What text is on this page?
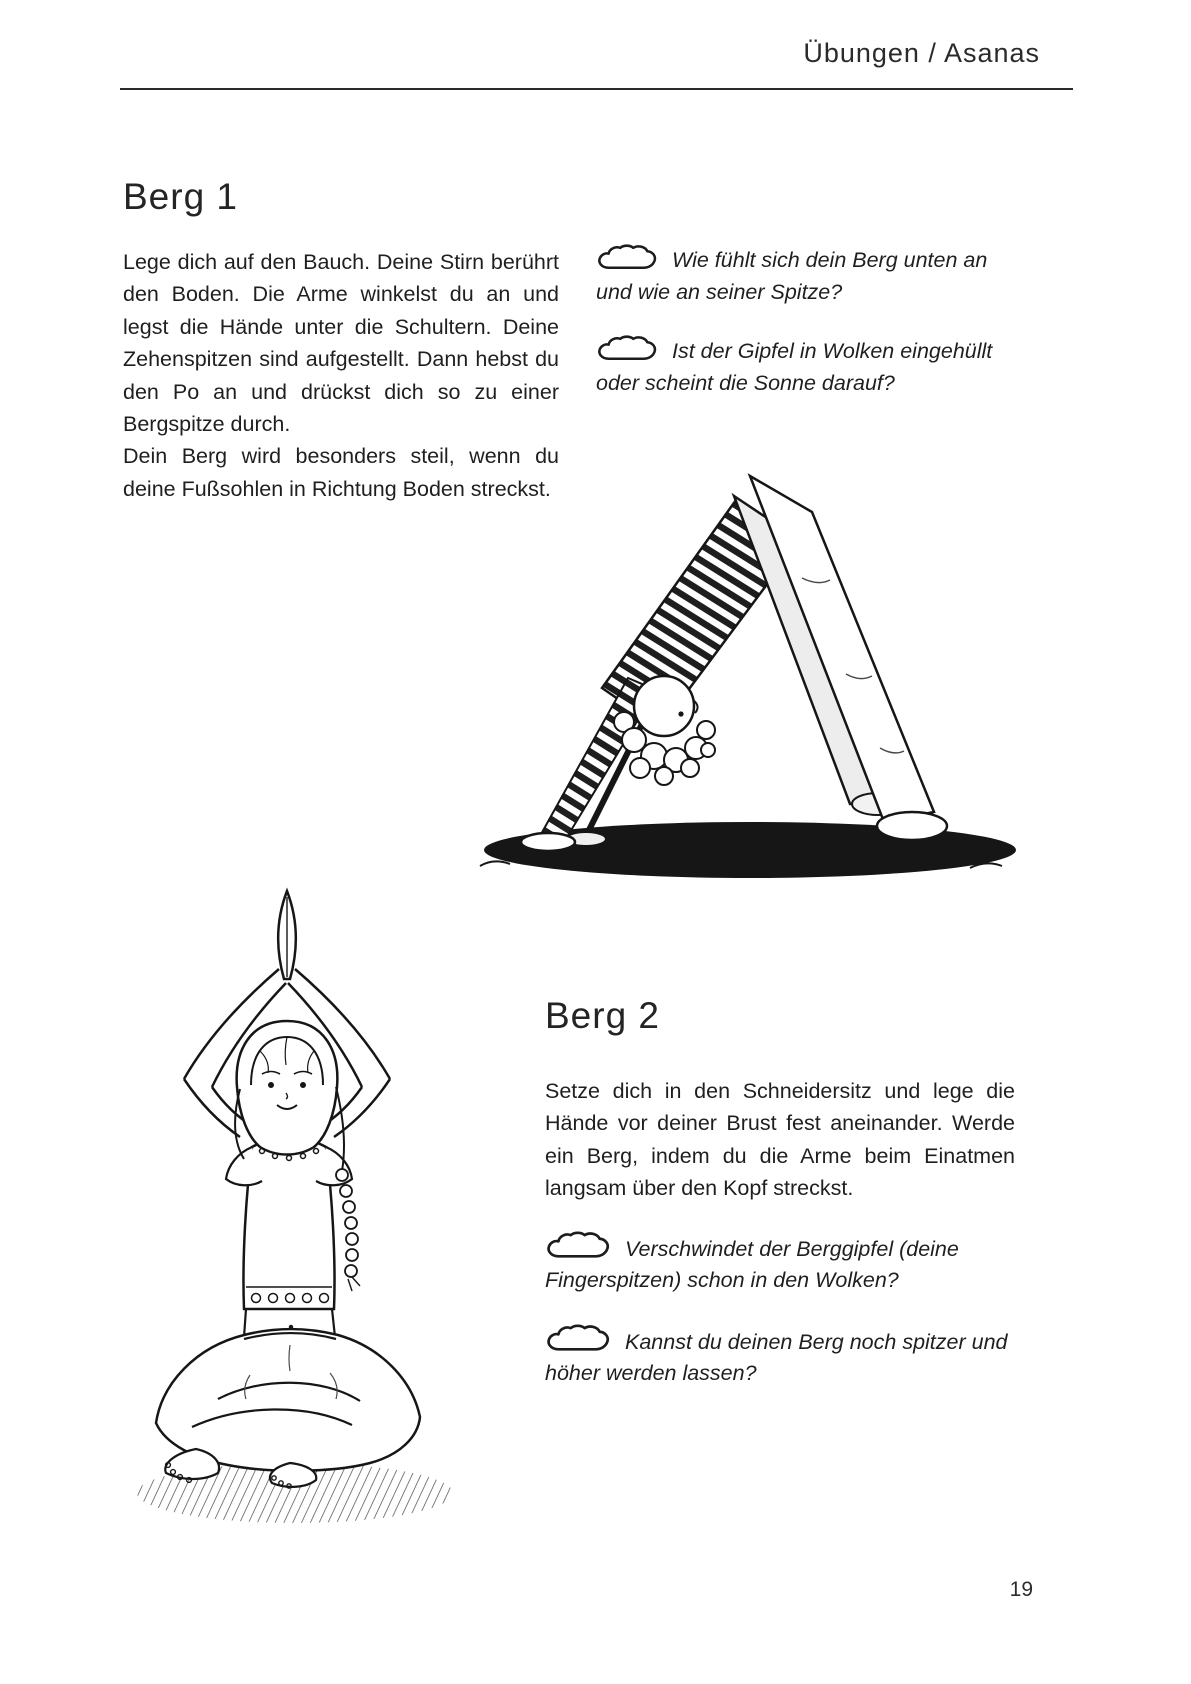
Übungen / Asanas
Berg 1

Lege dich auf den Bauch. Deine Stirn berührt den Boden. Die Arme winkelst du an und legst die Hände unter die Schultern. Deine Zehenspitzen sind aufgestellt. Dann hebst du den Po an und drückst dich so zu einer Bergspitze durch.

Dein Berg wird besonders steil, wenn du deine Fußsohlen in Richtung Boden streckst.

Wie fühlt sich dein Berg unten an und wie an seiner Spitze?

Ist der Gipfel in Wolken eingehüllt oder scheint die Sonne darauf?

Berg 2

Setze dich in den Schneidersitz und lege die Hände vor deiner Brust fest aneinander. Werde ein Berg, indem du die Arme beim Einatmen langsam über den Kopf streckst.

Verschwindet der Berggipfel (deine Fingerspitzen) schon in den Wolken?

Kannst du deinen Berg noch spitzer und höher werden lassen?

19
